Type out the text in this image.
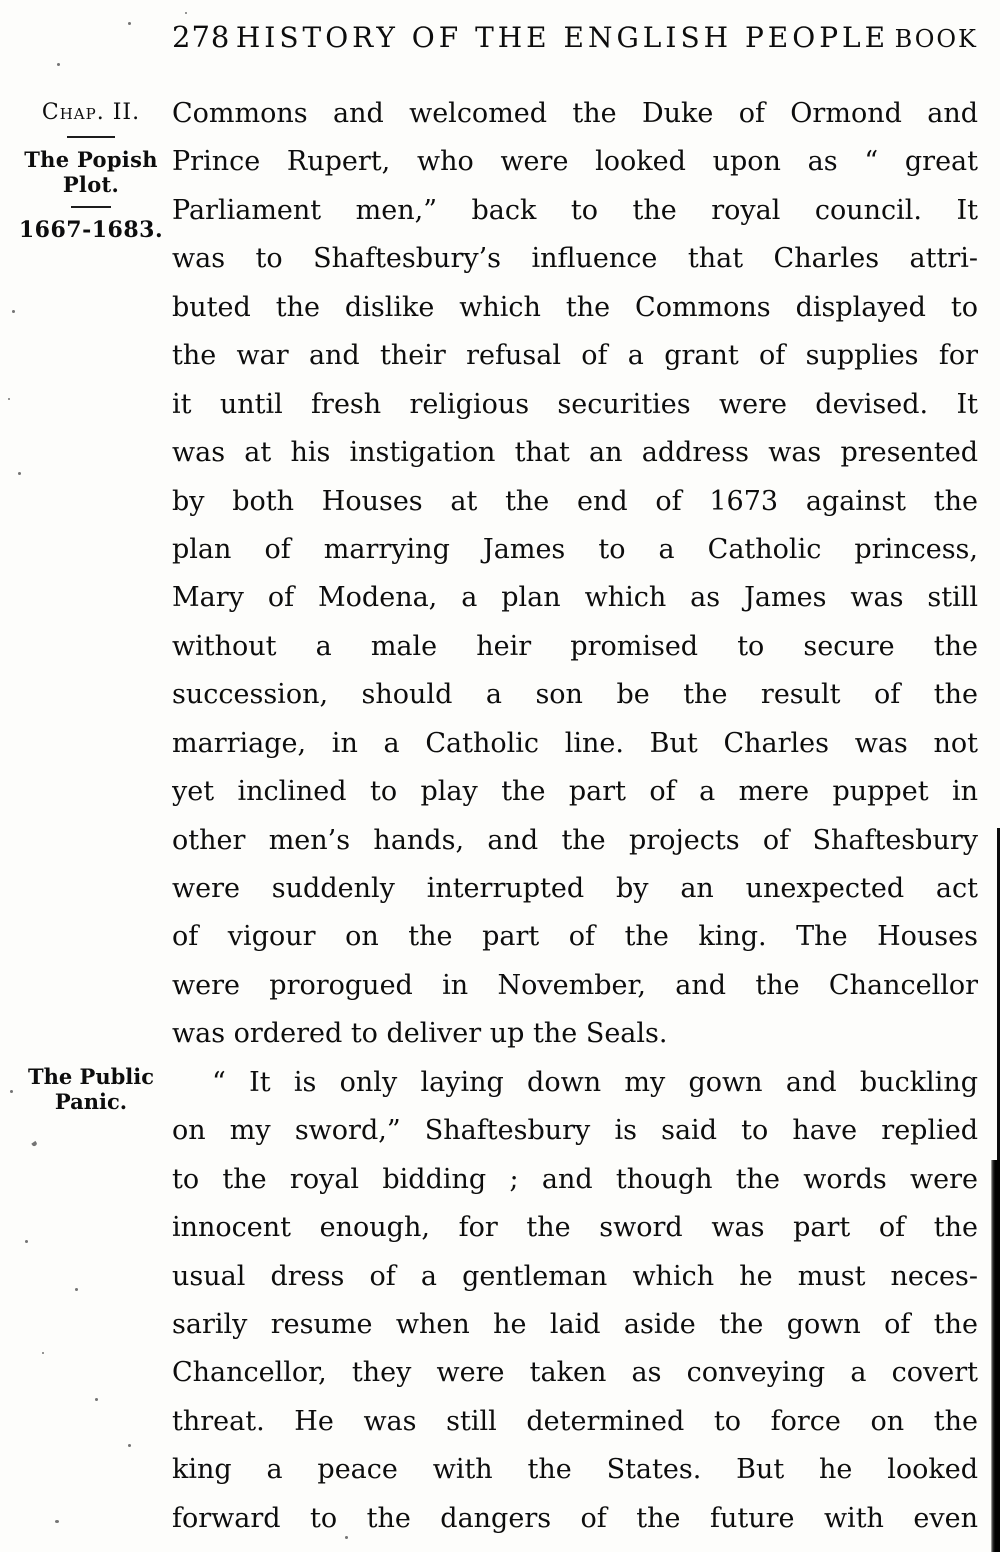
278 HISTORY OF THE ENGLISH PEOPLE BOOK
Chap. II.
The Popish
Plot.
1667-1683.
The Public
Panic.
Commons and welcomed the Duke of Ormond and
Prince Rupert, who were looked upon as “ great
Parliament men,” back to the royal council. It
was to Shaftesbury’s influence that Charles attri-
buted the dislike which the Commons displayed to
the war and their refusal of a grant of supplies for
it until fresh religious securities were devised. It
was at his instigation that an address was presented
by both Houses at the end of 1673 against the
plan of marrying James to a Catholic princess,
Mary of Modena, a plan which as James was still
without a male heir promised to secure the
succession, should a son be the result of the
marriage, in a Catholic line. But Charles was not
yet inclined to play the part of a mere puppet in
other men’s hands, and the projects of Shaftesbury
were suddenly interrupted by an unexpected act
of vigour on the part of the king. The Houses
were prorogued in November, and the Chancellor
was ordered to deliver up the Seals.
“ It is only laying down my gown and buckling
on my sword,” Shaftesbury is said to have replied
to the royal bidding ; and though the words were
innocent enough, for the sword was part of the
usual dress of a gentleman which he must neces-
sarily resume when he laid aside the gown of the
Chancellor, they were taken as conveying a covert
threat. He was still determined to force on the
king a peace with the States. But he looked
forward to the dangers of the future with even
